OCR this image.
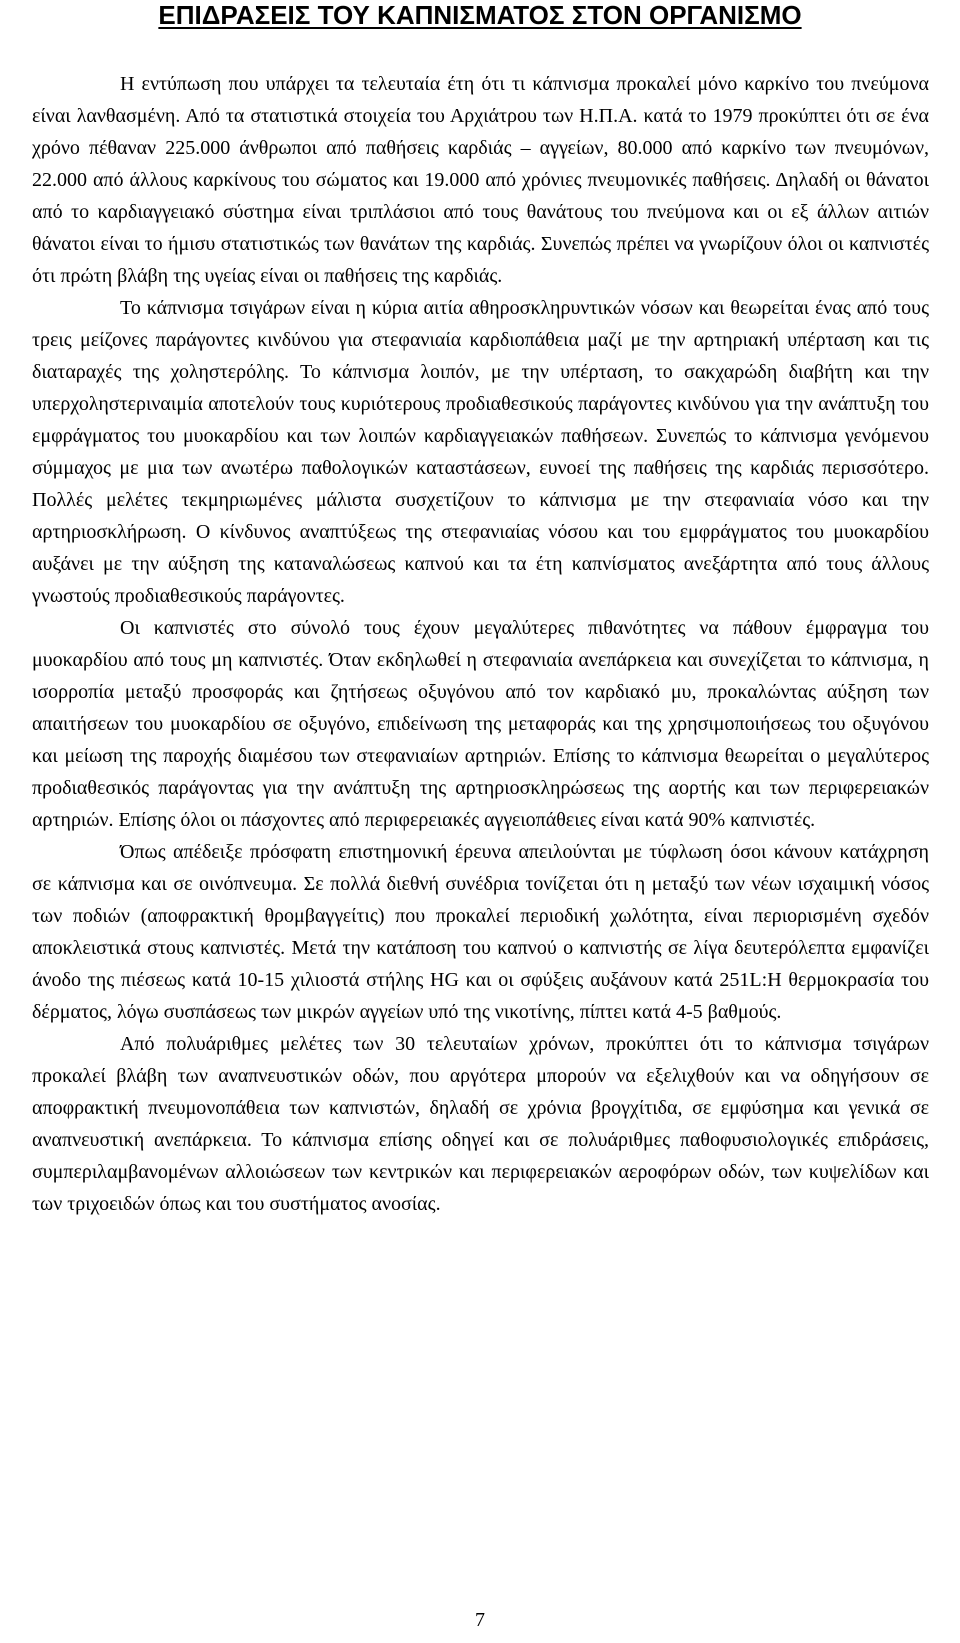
ΕΠΙΔΡΑΣΕΙΣ ΤΟΥ ΚΑΠΝΙΣΜΑΤΟΣ ΣΤΟΝ ΟΡΓΑΝΙΣΜΟ

Η εντύπωση που υπάρχει τα τελευταία έτη ότι τι κάπνισμα προκαλεί μόνο καρκίνο του πνεύμονα είναι λανθασμένη. Από τα στατιστικά στοιχεία του Αρχιάτρου των Η.Π.Α. κατά το 1979 προκύπτει ότι σε ένα χρόνο πέθαναν 225.000 άνθρωποι από παθήσεις καρδιάς – αγγείων, 80.000 από καρκίνο των πνευμόνων, 22.000 από άλλους καρκίνους του σώματος και 19.000 από χρόνιες πνευμονικές παθήσεις. Δηλαδή οι θάνατοι από το καρδιαγγειακό σύστημα είναι τριπλάσιοι από τους θανάτους του πνεύμονα και οι εξ άλλων αιτιών θάνατοι είναι το ήμισυ στατιστικώς των θανάτων της καρδιάς. Συνεπώς πρέπει να γνωρίζουν όλοι οι καπνιστές ότι πρώτη βλάβη της υγείας είναι οι παθήσεις της καρδιάς.

Το κάπνισμα τσιγάρων είναι η κύρια αιτία αθηροσκληρυντικών νόσων και θεωρείται ένας από τους τρεις μείζονες παράγοντες κινδύνου για στεφανιαία καρδιοπάθεια μαζί με την αρτηριακή υπέρταση και τις διαταραχές της χοληστερόλης. Το κάπνισμα λοιπόν, με την υπέρταση, το σακχαρώδη διαβήτη και την υπερχοληστεριναιμία αποτελούν τους κυριότερους προδιαθεσικούς παράγοντες κινδύνου για την ανάπτυξη του εμφράγματος του μυοκαρδίου και των λοιπών καρδιαγγειακών παθήσεων. Συνεπώς το κάπνισμα γενόμενου σύμμαχος με μια των ανωτέρω παθολογικών καταστάσεων, ευνοεί της παθήσεις της καρδιάς περισσότερο. Πολλές μελέτες τεκμηριωμένες μάλιστα συσχετίζουν το κάπνισμα με την στεφανιαία νόσο και την αρτηριοσκλήρωση. Ο κίνδυνος αναπτύξεως της στεφανιαίας νόσου και του εμφράγματος του μυοκαρδίου αυξάνει με την αύξηση της καταναλώσεως καπνού και τα έτη καπνίσματος ανεξάρτητα από τους άλλους γνωστούς προδιαθεσικούς παράγοντες.

Οι καπνιστές στο σύνολό τους έχουν μεγαλύτερες πιθανότητες να πάθουν έμφραγμα του μυοκαρδίου από τους μη καπνιστές. Όταν εκδηλωθεί η στεφανιαία ανεπάρκεια και συνεχίζεται το κάπνισμα, η ισορροπία μεταξύ προσφοράς και ζητήσεως οξυγόνου από τον καρδιακό μυ, προκαλώντας αύξηση των απαιτήσεων του μυοκαρδίου σε οξυγόνο, επιδείνωση της μεταφοράς και της χρησιμοποιήσεως του οξυγόνου και μείωση της παροχής διαμέσου των στεφανιαίων αρτηριών. Επίσης το κάπνισμα θεωρείται ο μεγαλύτερος προδιαθεσικός παράγοντας για την ανάπτυξη της αρτηριοσκληρώσεως της αορτής και των περιφερειακών αρτηριών. Επίσης όλοι οι πάσχοντες από περιφερειακές αγγειοπάθειες είναι κατά 90% καπνιστές.

Όπως απέδειξε πρόσφατη επιστημονική έρευνα απειλούνται με τύφλωση όσοι κάνουν κατάχρηση σε κάπνισμα και σε οινόπνευμα. Σε πολλά διεθνή συνέδρια τονίζεται ότι η μεταξύ των νέων ισχαιμική νόσος των ποδιών (αποφρακτική θρομβαγγείτις) που προκαλεί περιοδική χωλότητα, είναι περιορισμένη σχεδόν αποκλειστικά στους καπνιστές. Μετά την κατάποση του καπνού ο καπνιστής σε λίγα δευτερόλεπτα εμφανίζει άνοδο της πιέσεως κατά 10-15 χιλιοστά στήλης HG και οι σφύξεις αυξάνουν κατά 251L:H θερμοκρασία του δέρματος, λόγω συσπάσεως των μικρών αγγείων υπό της νικοτίνης, πίπτει κατά 4-5 βαθμούς.

Από πολυάριθμες μελέτες των 30 τελευταίων χρόνων, προκύπτει ότι το κάπνισμα τσιγάρων προκαλεί βλάβη των αναπνευστικών οδών, που αργότερα μπορούν να εξελιχθούν και να οδηγήσουν σε αποφρακτική πνευμονοπάθεια των καπνιστών, δηλαδή σε χρόνια βρογχίτιδα, σε εμφύσημα και γενικά σε αναπνευστική ανεπάρκεια. Το κάπνισμα επίσης οδηγεί και σε πολυάριθμες παθοφυσιολογικές επιδράσεις, συμπεριλαμβανομένων αλλοιώσεων των κεντρικών και περιφερειακών αεροφόρων οδών, των κυψελίδων και των τριχοειδών όπως και του συστήματος ανοσίας.

7
